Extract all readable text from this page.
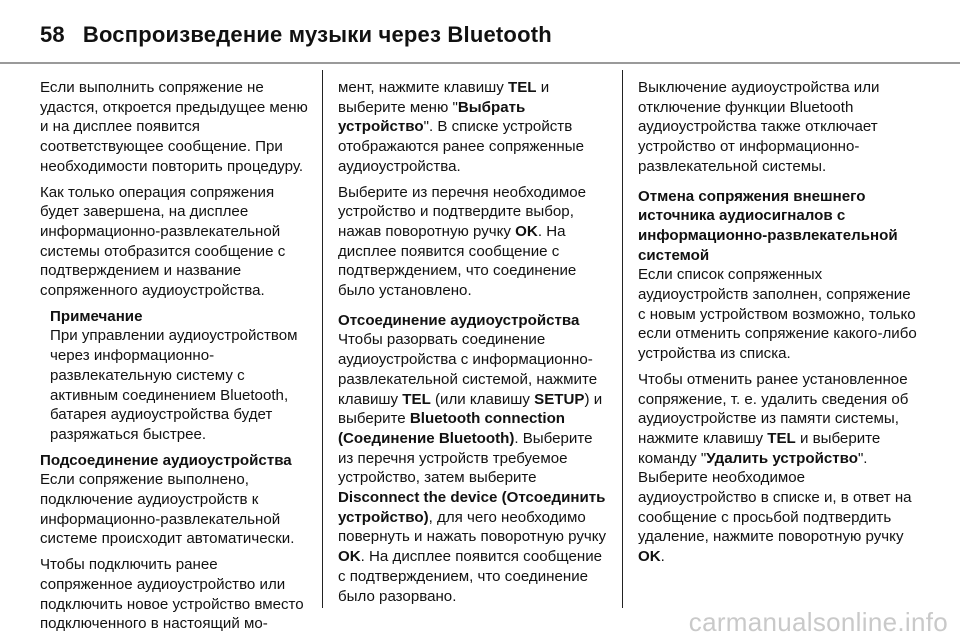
58 Воспроизведение музыки через Bluetooth

Если выполнить сопряжение не удастся, откроется предыдущее меню и на дисплее появится соответствующее сообщение. При необходимости повторить процедуру.

Как только операция сопряжения будет завершена, на дисплее информационно-развлекательной системы отобразится сообщение с подтверждением и название сопряженного аудиоустройства.

Примечание
При управлении аудиоустройством через информационно-развлекательную систему с активным соединением Bluetooth, батарея аудиоустройства будет разряжаться быстрее.
Подсоединение аудиоустройства

Если сопряжение выполнено, подключение аудиоустройств к информационно-развлекательной системе происходит автоматически.

Чтобы подключить ранее сопряженное аудиоустройство или подключить новое устройство вместо подключенного в настоящий мо-

мент, нажмите клавишу TEL и выберите меню "Выбрать устройство". В списке устройств отображаются ранее сопряженные аудиоустройства.

Выберите из перечня необходимое устройство и подтвердите выбор, нажав поворотную ручку OK. На дисплее появится сообщение с подтверждением, что соединение было установлено.

Отсоединение аудиоустройства

Чтобы разорвать соединение аудиоустройства с информационно-развлекательной системой, нажмите клавишу TEL (или клавишу SETUP) и выберите Bluetooth connection (Соединение Bluetooth). Выберите из перечня устройств требуемое устройство, затем выберите Disconnect the device (Отсоединить устройство), для чего необходимо повернуть и нажать поворотную ручку OK. На дисплее появится сообщение с подтверждением, что соединение было разорвано.

Выключение аудиоустройства или отключение функции Bluetooth аудиоустройства также отключает устройство от информационно-развлекательной системы.

Отмена сопряжения внешнего источника аудиосигналов с информационно-развлекательной системой

Если список сопряженных аудиоустройств заполнен, сопряжение с новым устройством возможно, только если отменить сопряжение какого-либо устройства из списка.

Чтобы отменить ранее установленное сопряжение, т. е. удалить сведения об аудиоустройстве из памяти системы, нажмите клавишу TEL и выберите команду "Удалить устройство". Выберите необходимое аудиоустройство в списке и, в ответ на сообщение с просьбой подтвердить удаление, нажмите поворотную ручку OK.

carmanualsonline.info
